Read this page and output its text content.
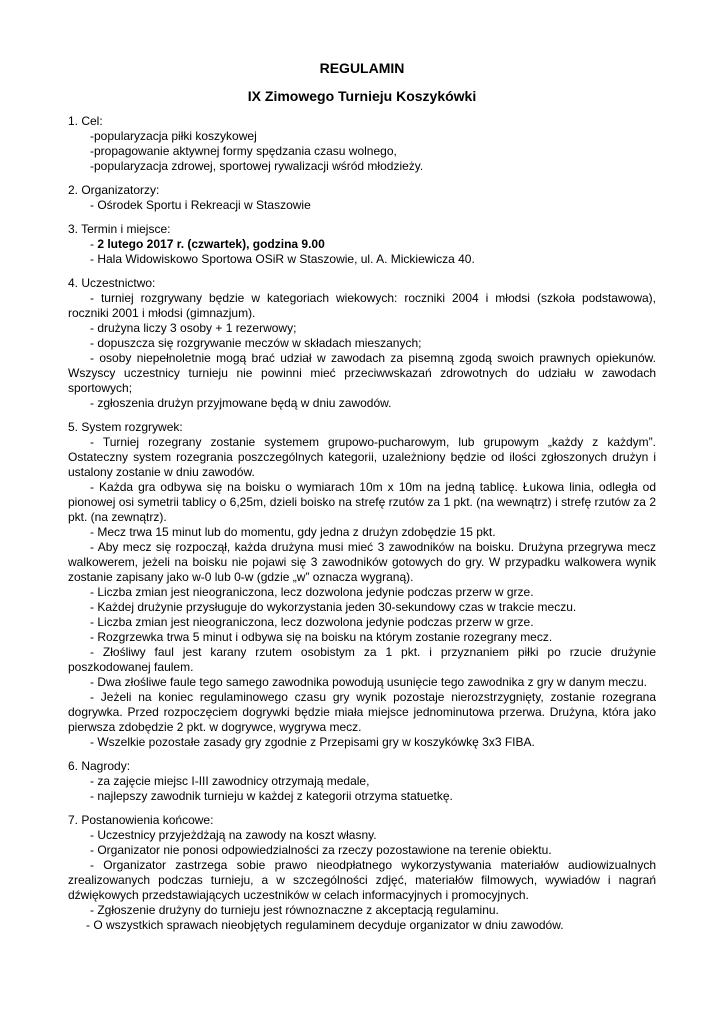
REGULAMIN
IX Zimowego Turnieju Koszykówki

1. Cel:

-popularyzacja piłki koszykowej

-propagowanie aktywnej formy spędzania czasu wolnego,

-popularyzacja zdrowej, sportowej rywalizacji wśród młodzieży.

2. Organizatorzy:

- Ośrodek Sportu i Rekreacji w Staszowie

3. Termin i miejsce:

- 2 lutego 2017 r. (czwartek), godzina 9.00

- Hala Widowiskowo Sportowa OSiR w Staszowie, ul. A. Mickiewicza 40.

4. Uczestnictwo:

- turniej rozgrywany będzie w kategoriach wiekowych: roczniki 2004 i młodsi (szkoła podstawowa), roczniki 2001 i młodsi (gimnazjum).

- drużyna liczy 3 osoby + 1 rezerwowy;

- dopuszcza się rozgrywanie meczów w składach mieszanych;

- osoby niepełnoletnie mogą brać udział w zawodach za pisemną zgodą swoich prawnych opiekunów. Wszyscy uczestnicy turnieju nie powinni mieć przeciwwskazań zdrowotnych do udziału w zawodach sportowych;

- zgłoszenia drużyn przyjmowane będą w dniu zawodów.

5. System rozgrywek:

- Turniej rozegrany zostanie systemem grupowo-pucharowym, lub grupowym „każdy z każdym”. Ostateczny system rozegrania poszczególnych kategorii, uzależniony będzie od ilości zgłoszonych drużyn i ustalony zostanie w dniu zawodów.

- Każda gra odbywa się na boisku o wymiarach 10m x 10m na jedną tablicę. Łukowa linia, odległa od pionowej osi symetrii tablicy o 6,25m, dzieli boisko na strefę rzutów za 1 pkt. (na wewnątrz) i strefę rzutów za 2 pkt. (na zewnątrz).

- Mecz trwa 15 minut lub do momentu, gdy jedna z drużyn zdobędzie 15 pkt.

- Aby mecz się rozpoczął, każda drużyna musi mieć 3 zawodników na boisku. Drużyna przegrywa mecz walkowerem, jeżeli na boisku nie pojawi się 3 zawodników gotowych do gry. W przypadku walkowera wynik zostanie zapisany jako w-0 lub 0-w (gdzie „w” oznacza wygraną).

- Liczba zmian jest nieograniczona, lecz dozwolona jedynie podczas przerw w grze.

- Każdej drużynie przysługuje do wykorzystania jeden 30-sekundowy czas w trakcie meczu.

- Liczba zmian jest nieograniczona, lecz dozwolona jedynie podczas przerw w grze.

- Rozgrzewka trwa 5 minut i odbywa się na boisku na którym zostanie rozegrany mecz.

- Złośliwy faul jest karany rzutem osobistym za 1 pkt. i przyznaniem piłki po rzucie drużynie poszkodowanej faulem.

- Dwa złośliwe faule tego samego zawodnika powodują usunięcie tego zawodnika z gry w danym meczu.

- Jeżeli na koniec regulaminowego czasu gry wynik pozostaje nierozstrzygnięty, zostanie rozegrana dogrywka. Przed rozpoczęciem dogrywki będzie miała miejsce jednominutowa przerwa. Drużyna, która jako pierwsza zdobędzie 2 pkt. w dogrywce, wygrywa mecz.

- Wszelkie pozostałe zasady gry zgodnie z Przepisami gry w koszykówkę 3x3 FIBA.

6. Nagrody:

- za zajęcie miejsc I-III zawodnicy otrzymają medale,

- najlepszy zawodnik turnieju w każdej z kategorii otrzyma statuetkę.

7. Postanowienia końcowe:

- Uczestnicy przyjeżdżają na zawody na koszt własny.

- Organizator nie ponosi odpowiedzialności za rzeczy pozostawione na terenie obiektu.

- Organizator zastrzega sobie prawo nieodpłatnego wykorzystywania materiałów audiowizualnych zrealizowanych podczas turnieju, a w szczególności zdjęć, materiałów filmowych, wywiadów i nagrań dźwiękowych przedstawiających uczestników w celach informacyjnych i promocyjnych.

- Zgłoszenie drużyny do turnieju jest równoznaczne z akceptacją regulaminu.

- O wszystkich sprawach nieobjętych regulaminem decyduje organizator w dniu zawodów.
